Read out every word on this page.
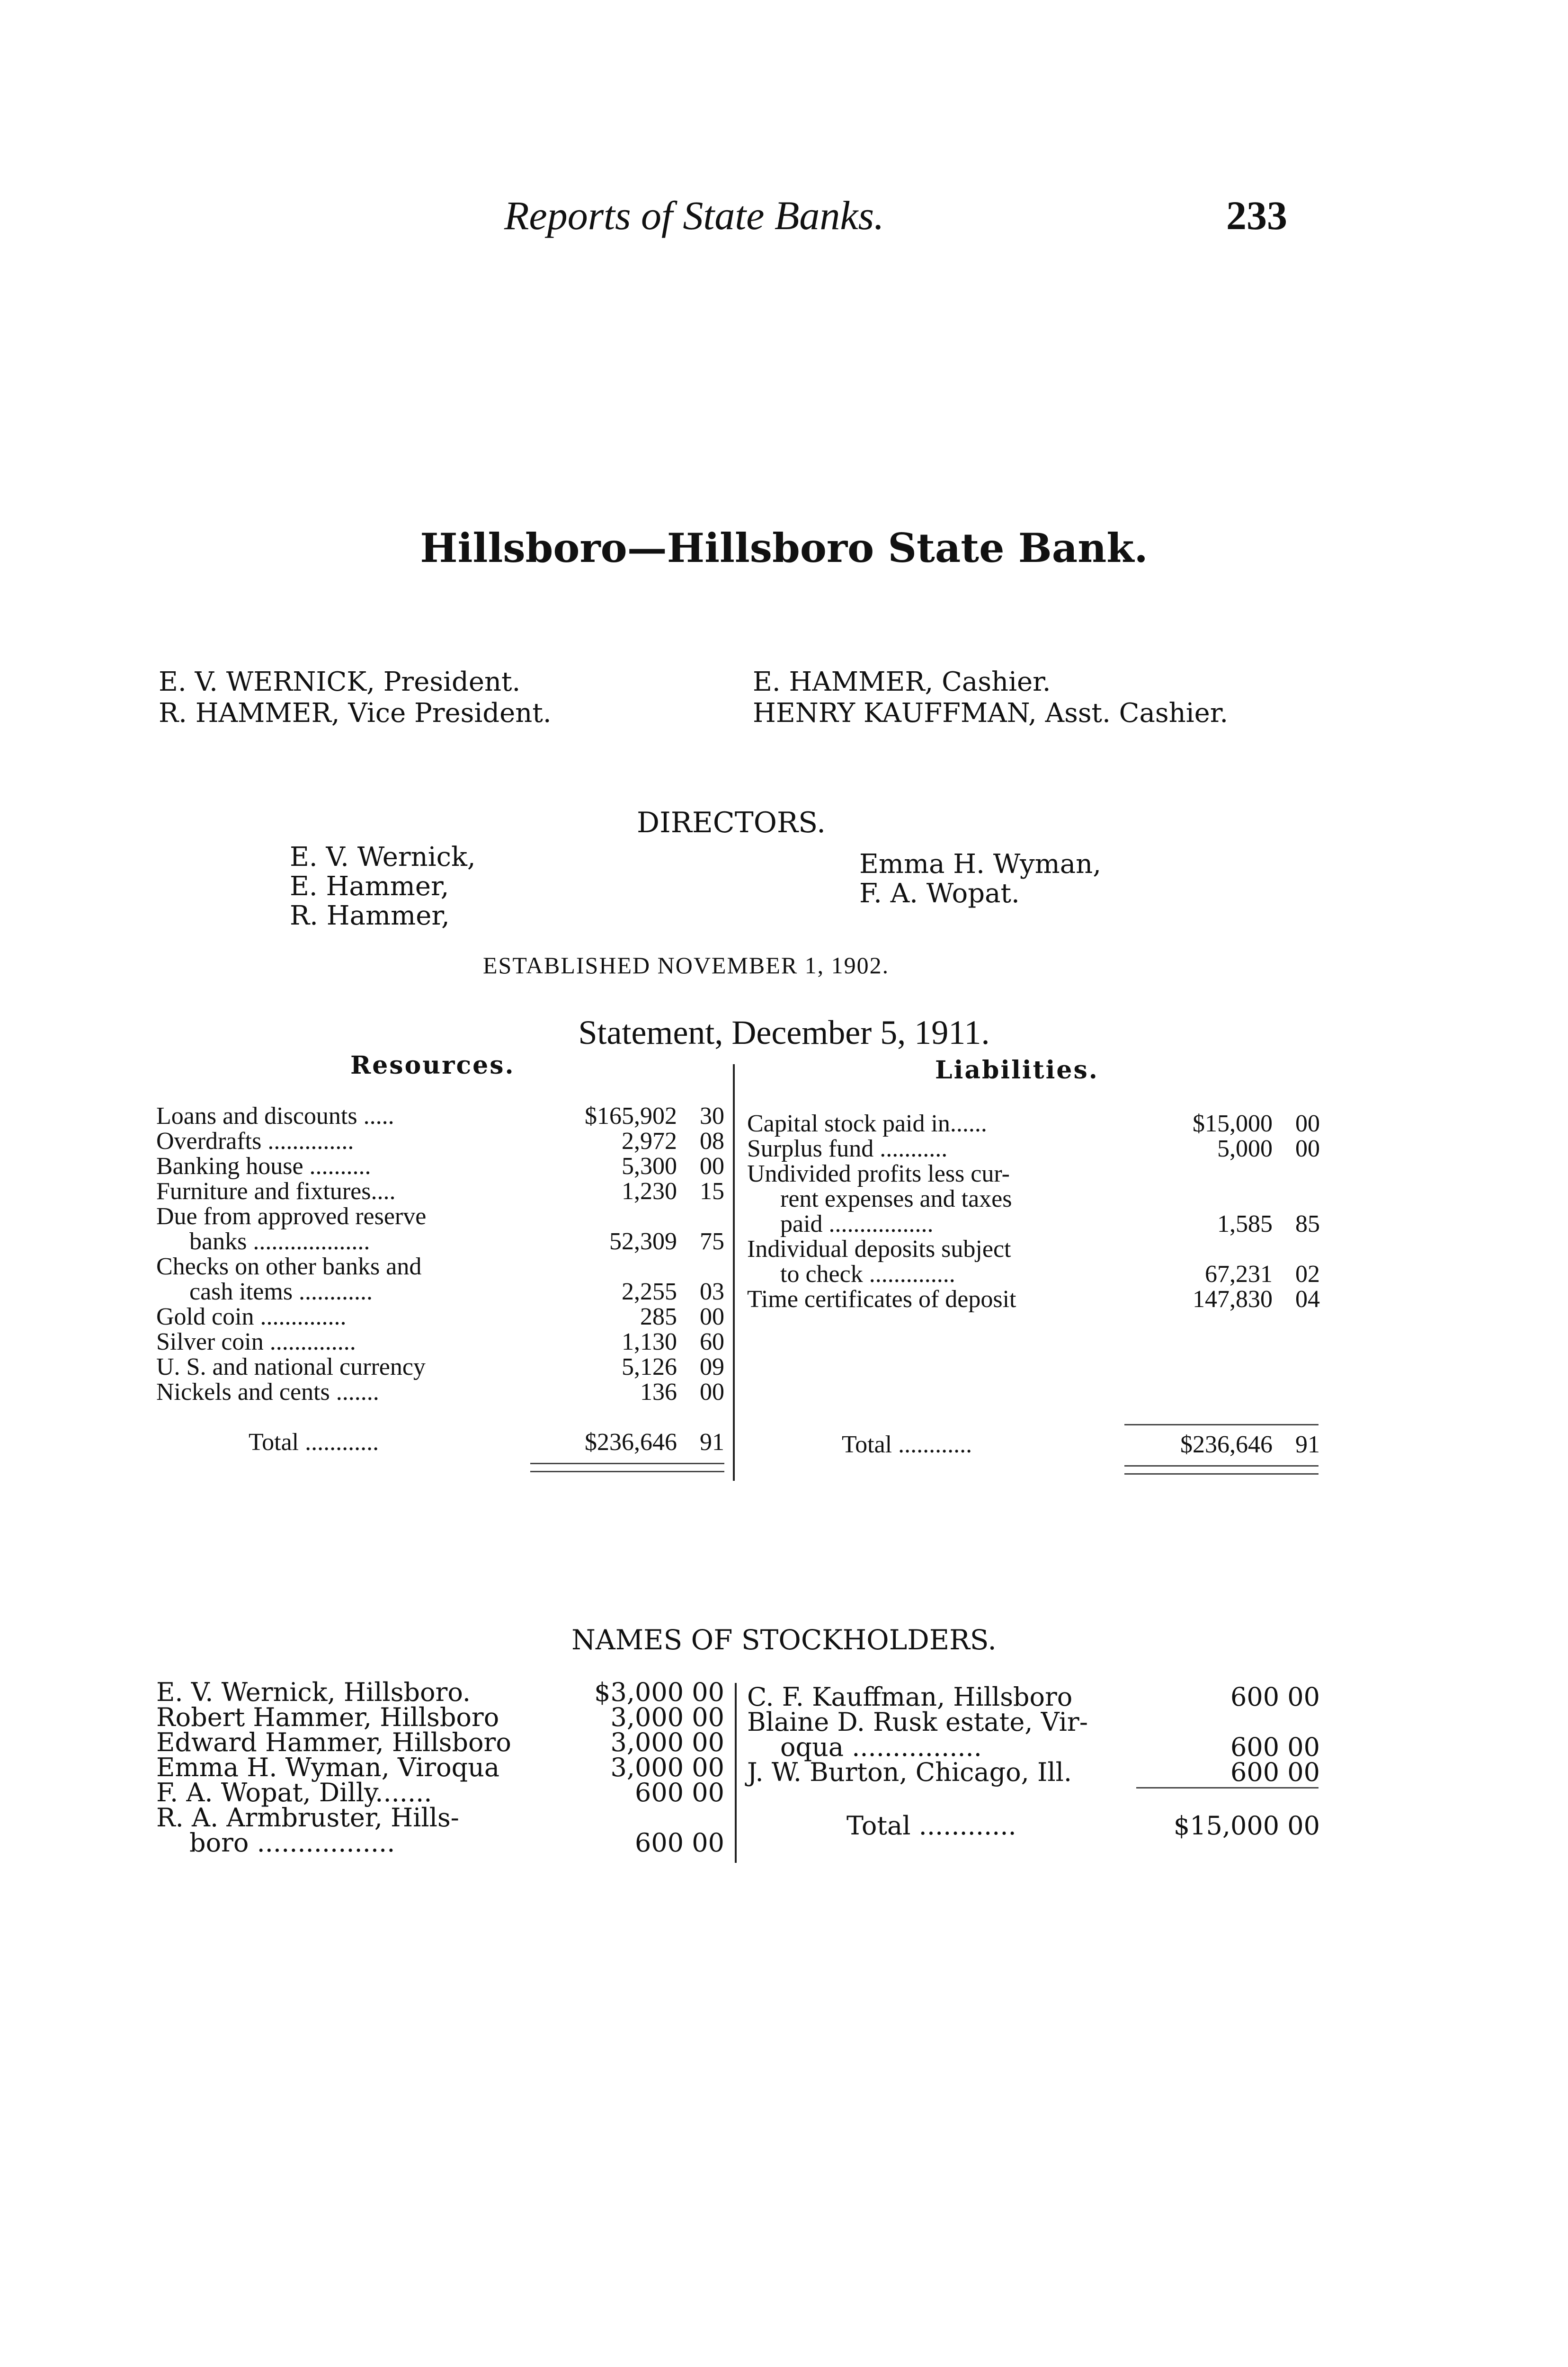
Reports of State Banks.	233
Hillsboro—Hillsboro State Bank.
E. V. WERNICK, President.
R. HAMMER, Vice President.
E. HAMMER, Cashier.
HENRY KAUFFMAN, Asst. Cashier.
DIRECTORS.
E. V. Wernick,
E. Hammer,
R. Hammer,
Emma H. Wyman,
F. A. Wopat.
ESTABLISHED NOVEMBER 1, 1902.
Statement, December 5, 1911.
Resources.	Liabilities.
Loans and discounts .....	$165,902 30
Overdrafts ..............	2,972 08
Banking house ..........	5,300 00
Furniture and fixtures....	1,230 15
Due from approved reserve
banks ...................	52,309 75
Checks on other banks and
cash items ............	2,255 03
Gold coin ..............	285 00
Silver coin ..............	1,130 60
U. S. and national currency	5,126 09
Nickels and cents .......	136 00
Total ............	$236,646 91
Capital stock paid in......	$15,000 00
Surplus fund ...........	5,000 00
Undivided profits less cur-
rent expenses and taxes
paid .................	1,585 85
Individual deposits subject
to check ..............	67,231 02
Time certificates of deposit	147,830 04
Total ............	$236,646 91
NAMES OF STOCKHOLDERS.
E. V. Wernick, Hillsboro.	$3,000 00
Robert Hammer, Hillsboro	3,000 00
Edward Hammer, Hillsboro	3,000 00
Emma H. Wyman, Viroqua	3,000 00
F. A. Wopat, Dilly.......	600 00
R. A. Armbruster, Hills-
boro .................	600 00
C. F. Kauffman, Hillsboro	600 00
Blaine D. Rusk estate, Vir-
oqua ................	600 00
J. W. Burton, Chicago, Ill.	600 00
Total ............	$15,000 00
